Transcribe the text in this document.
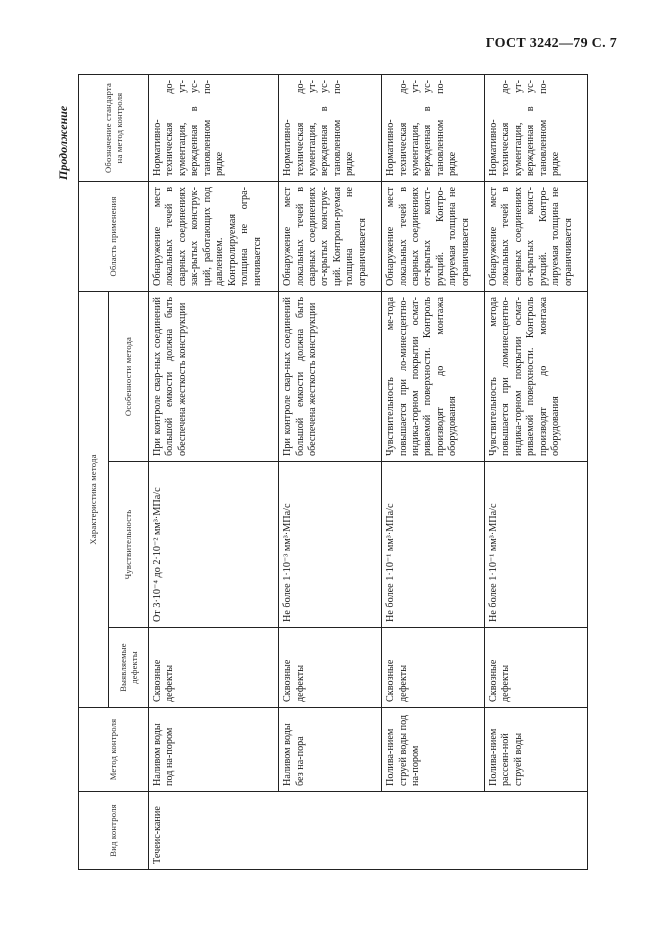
ГОСТ 3242—79 С. 7
Продолжение
Вид контроля	Метод контроля	Характеристика метода			Область применения	Обозначение стандарта на метод контроля
		Выявляемые дефекты	Чувствительность	Особенности метода		
Течеис-кание	Наливом воды под на-пором	Сквозные дефекты	От 3·10⁻⁴ до 2·10⁻² мм³·МПа/с	При контроле свар-ных соединений большой емкости должна быть обеспечена жесткость конструкции	Обнаружение мест локальных течей в сварных соединениях зак-рытых конструк-ций, работающих под давлением. Контролируемая толщина не огра-ничивается	Нормативно-техническая до-кументация, ут-вержденная в ус-тановленном по-рядке
	Наливом воды без на-пора	Сквозные дефекты	Не более 1·10⁻³ мм³·МПа/с	При контроле свар-ных соединений большой емкости должна быть обеспечена жесткость конструкции	Обнаружение мест локальных течей в сварных соединениях от-крытых конструк-ций. Контроли-руемая толщина не ограничивается	Нормативно-техническая до-кументация, ут-вержденная в ус-тановленном по-рядке
	Полива-нием струей воды под на-пором	Сквозные дефекты	Не более 1·10⁻¹ мм³·МПа/с	Чувствительность ме-тода повышается при ло-минесцентно-индика-торном покрытии осмат-риваемой поверхности. Контроль производят до монтажа оборудования	Обнаружение мест локальных течей в сварных соединениях от-крытых конст-рукций. Контро-лируемая толщина не ограничивается	Нормативно-техническая до-кументация, ут-вержденная в ус-тановленном по-рядке
	Полива-нием рассеян-ной струей воды	Сквозные дефекты	Не более 1·10⁻¹ мм³·МПа/с	Чувствительность метода повышается при ломинесцентно-индика-торном покрытии осмат-риваемой поверхности. Контроль производят до монтажа оборудования	Обнаружение мест локальных течей в сварных соединениях от-крытых конст-рукций. Контро-лируемая толщина не ограничивается	Нормативно-техническая до-кументация, ут-вержденная в ус-тановленном по-рядке
